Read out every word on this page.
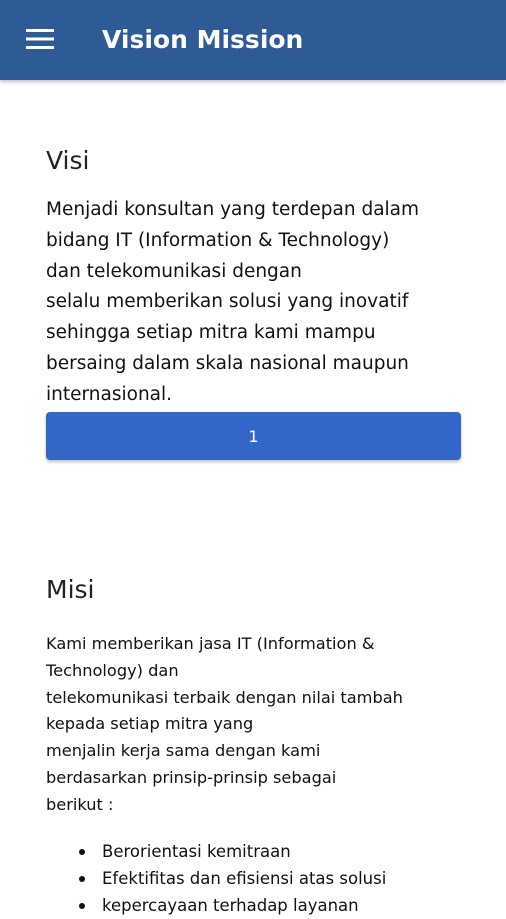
Vision Mission
Visi
Menjadi konsultan yang terdepan dalam
bidang IT (Information & Technology)
dan telekomunikasi dengan
selalu memberikan solusi yang inovatif
sehingga setiap mitra kami mampu
bersaing dalam skala nasional maupun
internasional.
1
Misi
Kami memberikan jasa IT (Information &
Technology) dan
telekomunikasi terbaik dengan nilai tambah
kepada setiap mitra yang
menjalin kerja sama dengan kami
berdasarkan prinsip-prinsip sebagai
berikut :
Berorientasi kemitraan
Efektifitas dan efisiensi atas solusi
kepercayaan terhadap layanan
